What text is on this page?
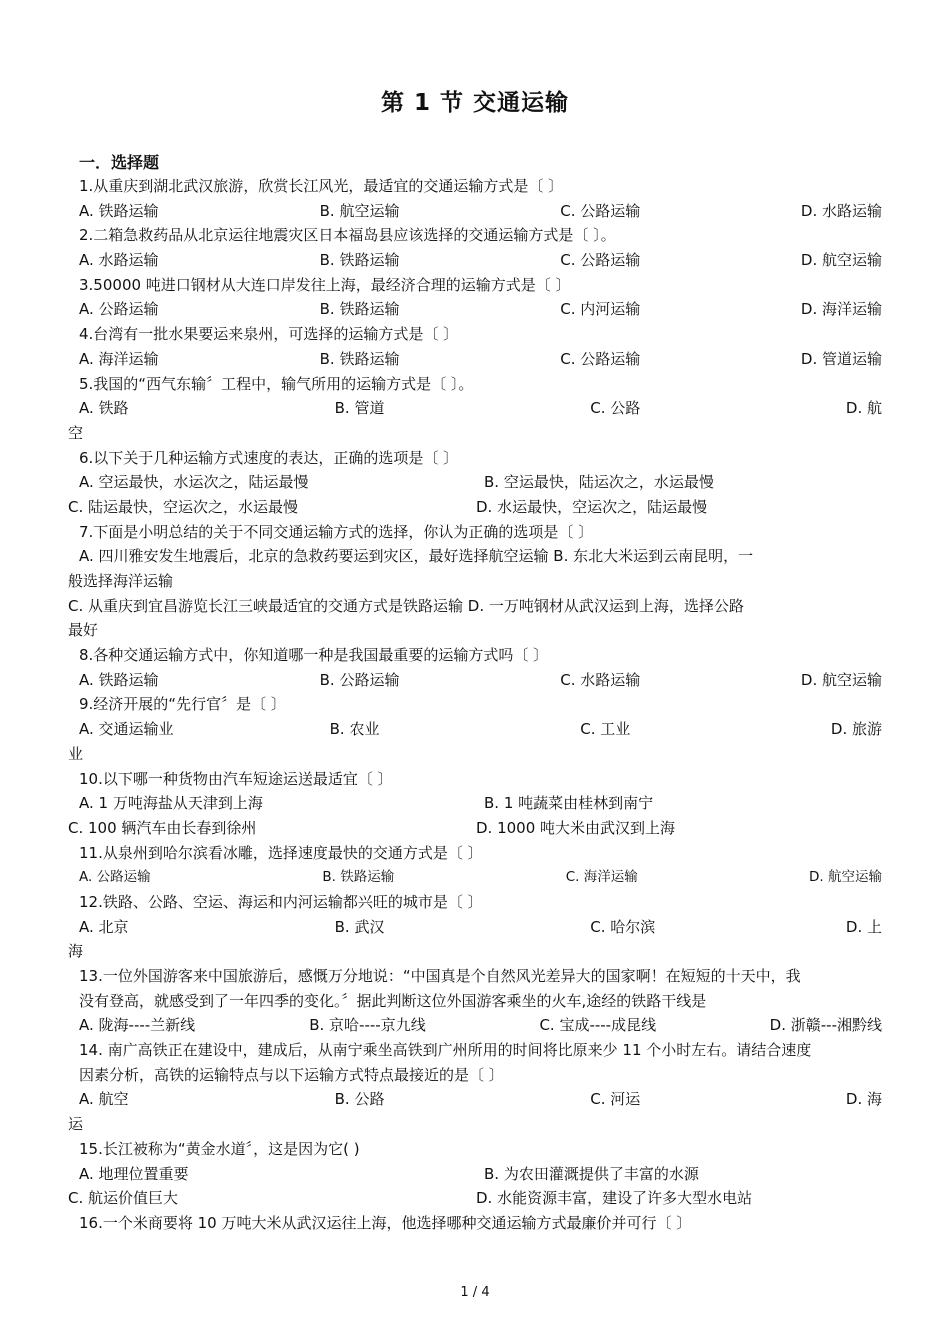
第 1 节 交通运输
一．选择题
1.从重庆到湖北武汉旅游，欣赏长江风光，最适宜的交通运输方式是〔 〕
A. 铁路运输	B. 航空运输	C. 公路运输	D. 水路运输
2.二箱急救药品从北京运往地震灾区日本福岛县应该选择的交通运输方式是〔 〕。
A. 水路运输	B. 铁路运输	C. 公路运输	D. 航空运输
3.50000 吨进口钢材从大连口岸发往上海，最经济合理的运输方式是〔 〕
A. 公路运输	B. 铁路运输	C. 内河运输	D. 海洋运输
4.台湾有一批水果要运来泉州，可选择的运输方式是〔 〕
A. 海洋运输	B. 铁路运输	C. 公路运输	D. 管道运输
5.我国的“西气东输〞工程中，输气所用的运输方式是〔 〕。
A. 铁路	B. 管道	C. 公路	D. 航
空
6.以下关于几种运输方式速度的表达，正确的选项是〔 〕
A. 空运最快，水运次之，陆运最慢	B. 空运最快，陆运次之，水运最慢
C. 陆运最快，空运次之，水运最慢	D. 水运最快，空运次之，陆运最慢
7.下面是小明总结的关于不同交通运输方式的选择，你认为正确的选项是〔 〕
A. 四川雅安发生地震后，北京的急救药要运到灾区，最好选择航空运输 B. 东北大米运到云南昆明，一
般选择海洋运输
C. 从重庆到宜昌游览长江三峡最适宜的交通方式是铁路运输 D. 一万吨钢材从武汉运到上海，选择公路
最好
8.各种交通运输方式中，你知道哪一种是我国最重要的运输方式吗〔 〕
A. 铁路运输	B. 公路运输	C. 水路运输	D. 航空运输
9.经济开展的“先行官〞是〔 〕
A. 交通运输业	B. 农业	C. 工业	D. 旅游
业
10.以下哪一种货物由汽车短途运送最适宜〔 〕
A. 1 万吨海盐从天津到上海	B. 1 吨蔬菜由桂林到南宁
C. 100 辆汽车由长春到徐州	D. 1000 吨大米由武汉到上海
11.从泉州到哈尔滨看冰雕，选择速度最快的交通方式是〔 〕
A. 公路运输	B. 铁路运输	C. 海洋运输	D. 航空运输
12.铁路、公路、空运、海运和内河运输都兴旺的城市是〔 〕
A. 北京	B. 武汉	C. 哈尔滨	D. 上
海
13.一位外国游客来中国旅游后，感慨万分地说：“中国真是个自然风光差异大的国家啊！在短短的十天中，我
没有登高，就感受到了一年四季的变化。〞据此判断这位外国游客乘坐的火车,途经的铁路干线是
A. 陇海----兰新线	B. 京哈----京九线	C. 宝成----成昆线	D. 浙赣---湘黔线
14. 南广高铁正在建设中，建成后，从南宁乘坐高铁到广州所用的时间将比原来少 11 个小时左右。请结合速度
因素分析，高铁的运输特点与以下运输方式特点最接近的是〔 〕
A. 航空	B. 公路	C. 河运	D. 海
运
15.长江被称为“黄金水道〞，这是因为它( )
A. 地理位置重要	B. 为农田灌溉提供了丰富的水源
C. 航运价值巨大	D. 水能资源丰富，建设了许多大型水电站
16.一个米商要将 10 万吨大米从武汉运往上海，他选择哪种交通运输方式最廉价并可行〔 〕
1 / 4
